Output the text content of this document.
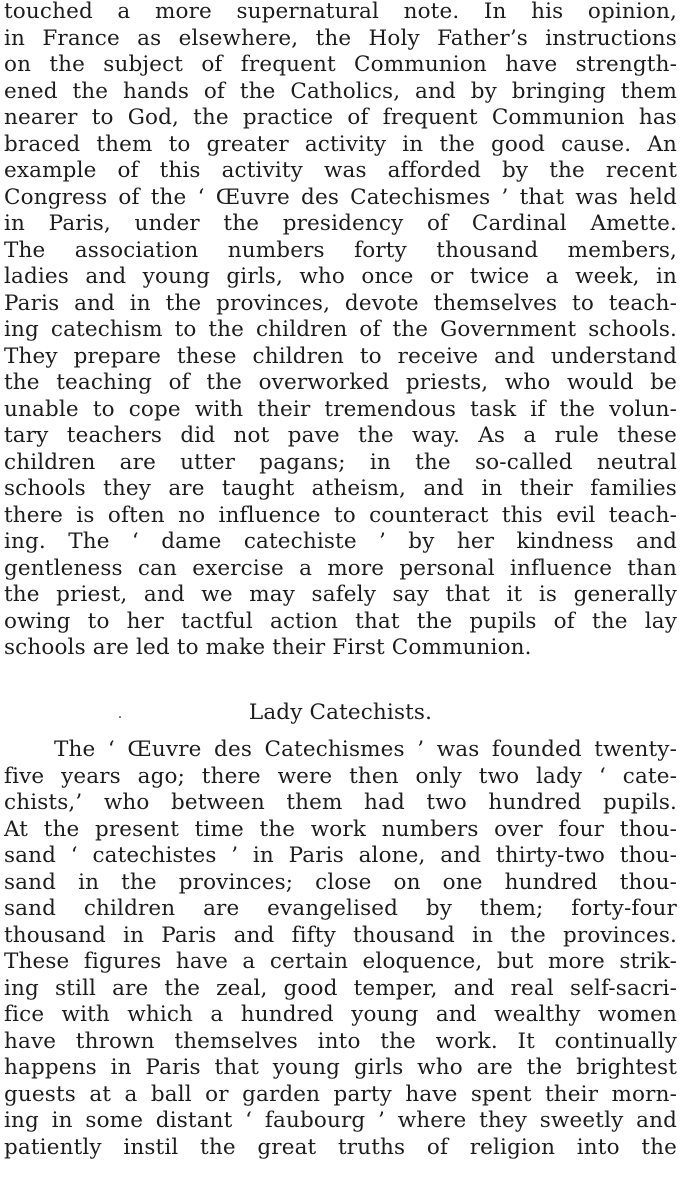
touched a more supernatural note. In his opinion,
in France as elsewhere, the Holy Father’s instructions
on the subject of frequent Communion have strength-
ened the hands of the Catholics, and by bringing them
nearer to God, the practice of frequent Communion has
braced them to greater activity in the good cause. An
example of this activity was afforded by the recent
Congress of the ‘ Œuvre des Catechismes ’ that was held
in Paris, under the presidency of Cardinal Amette.
The association numbers forty thousand members,
ladies and young girls, who once or twice a week, in
Paris and in the provinces, devote themselves to teach-
ing catechism to the children of the Government schools.
They prepare these children to receive and understand
the teaching of the overworked priests, who would be
unable to cope with their tremendous task if the volun-
tary teachers did not pave the way. As a rule these
children are utter pagans; in the so-called neutral
schools they are taught atheism, and in their families
there is often no influence to counteract this evil teach-
ing. The ‘ dame catechiste ’ by her kindness and
gentleness can exercise a more personal influence than
the priest, and we may safely say that it is generally
owing to her tactful action that the pupils of the lay
schools are led to make their First Communion.
Lady Catechists.
The ‘ Œuvre des Catechismes ’ was founded twenty-
five years ago; there were then only two lady ‘ cate-
chists,’ who between them had two hundred pupils.
At the present time the work numbers over four thou-
sand ‘ catechistes ’ in Paris alone, and thirty-two thou-
sand in the provinces; close on one hundred thou-
sand children are evangelised by them; forty-four
thousand in Paris and fifty thousand in the provinces.
These figures have a certain eloquence, but more strik-
ing still are the zeal, good temper, and real self-sacri-
fice with which a hundred young and wealthy women
have thrown themselves into the work. It continually
happens in Paris that young girls who are the brightest
guests at a ball or garden party have spent their morn-
ing in some distant ‘ faubourg ’ where they sweetly and
patiently instil the great truths of religion into the
